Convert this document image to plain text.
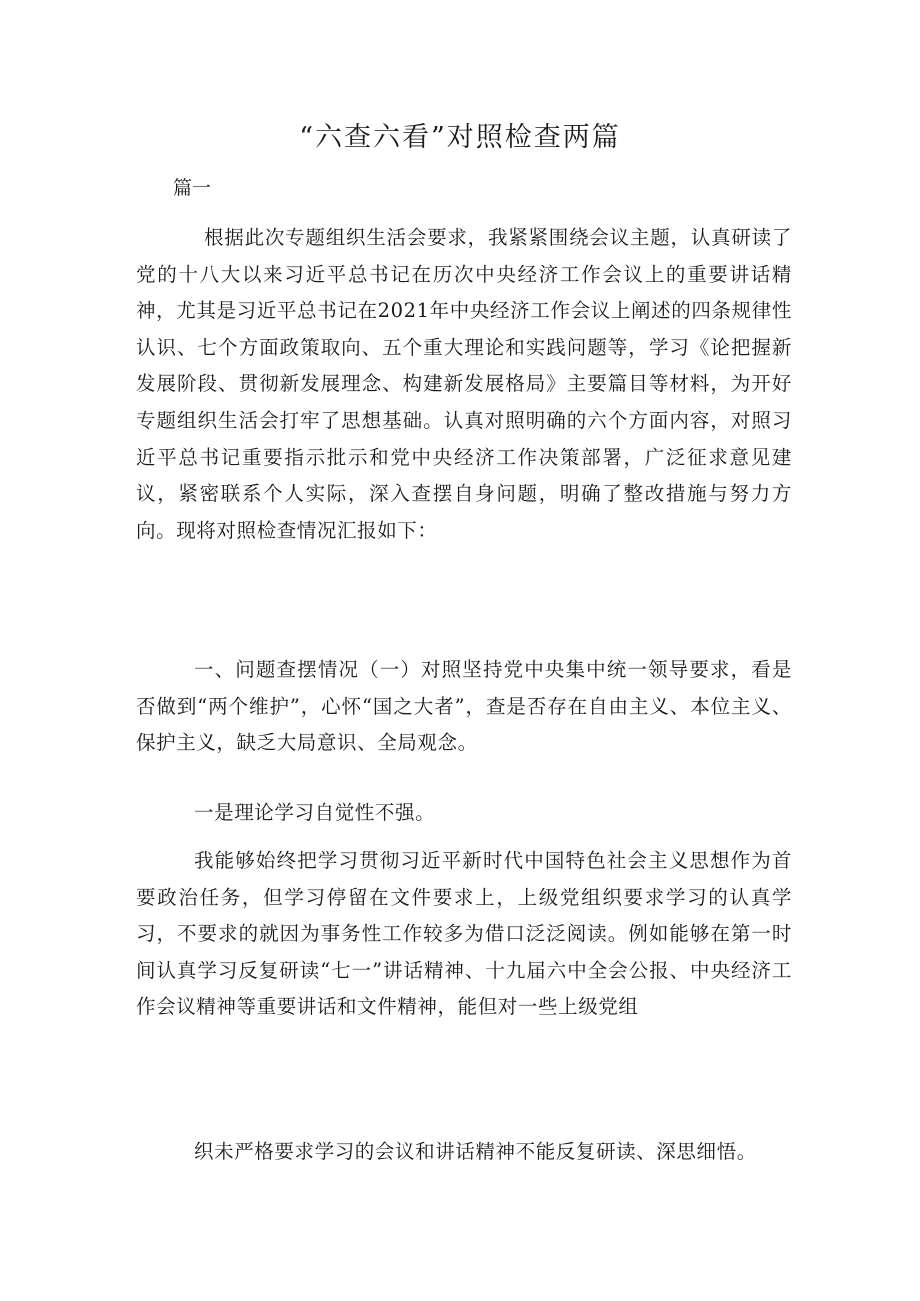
“六查六看”对照检查两篇
篇一

根据此次专题组织生活会要求，我紧紧围绕会议主题，认真研读了党的十八大以来习近平总书记在历次中央经济工作会议上的重要讲话精神，尤其是习近平总书记在2021年中央经济工作会议上阐述的四条规律性认识、七个方面政策取向、五个重大理论和实践问题等，学习《论把握新发展阶段、贯彻新发展理念、构建新发展格局》主要篇目等材料，为开好专题组织生活会打牢了思想基础。认真对照明确的六个方面内容，对照习近平总书记重要指示批示和党中央经济工作决策部署，广泛征求意见建议，紧密联系个人实际，深入查摆自身问题，明确了整改措施与努力方向。现将对照检查情况汇报如下：

一、问题查摆情况（一）对照坚持党中央集中统一领导要求，看是否做到“两个维护”，心怀“国之大者”，查是否存在自由主义、本位主义、保护主义，缺乏大局意识、全局观念。

一是理论学习自觉性不强。

我能够始终把学习贯彻习近平新时代中国特色社会主义思想作为首要政治任务，但学习停留在文件要求上，上级党组织要求学习的认真学习，不要求的就因为事务性工作较多为借口泛泛阅读。例如能够在第一时间认真学习反复研读“七一”讲话精神、十九届六中全会公报、中央经济工作会议精神等重要讲话和文件精神，能但对一些上级党组

织未严格要求学习的会议和讲话精神不能反复研读、深思细悟。
